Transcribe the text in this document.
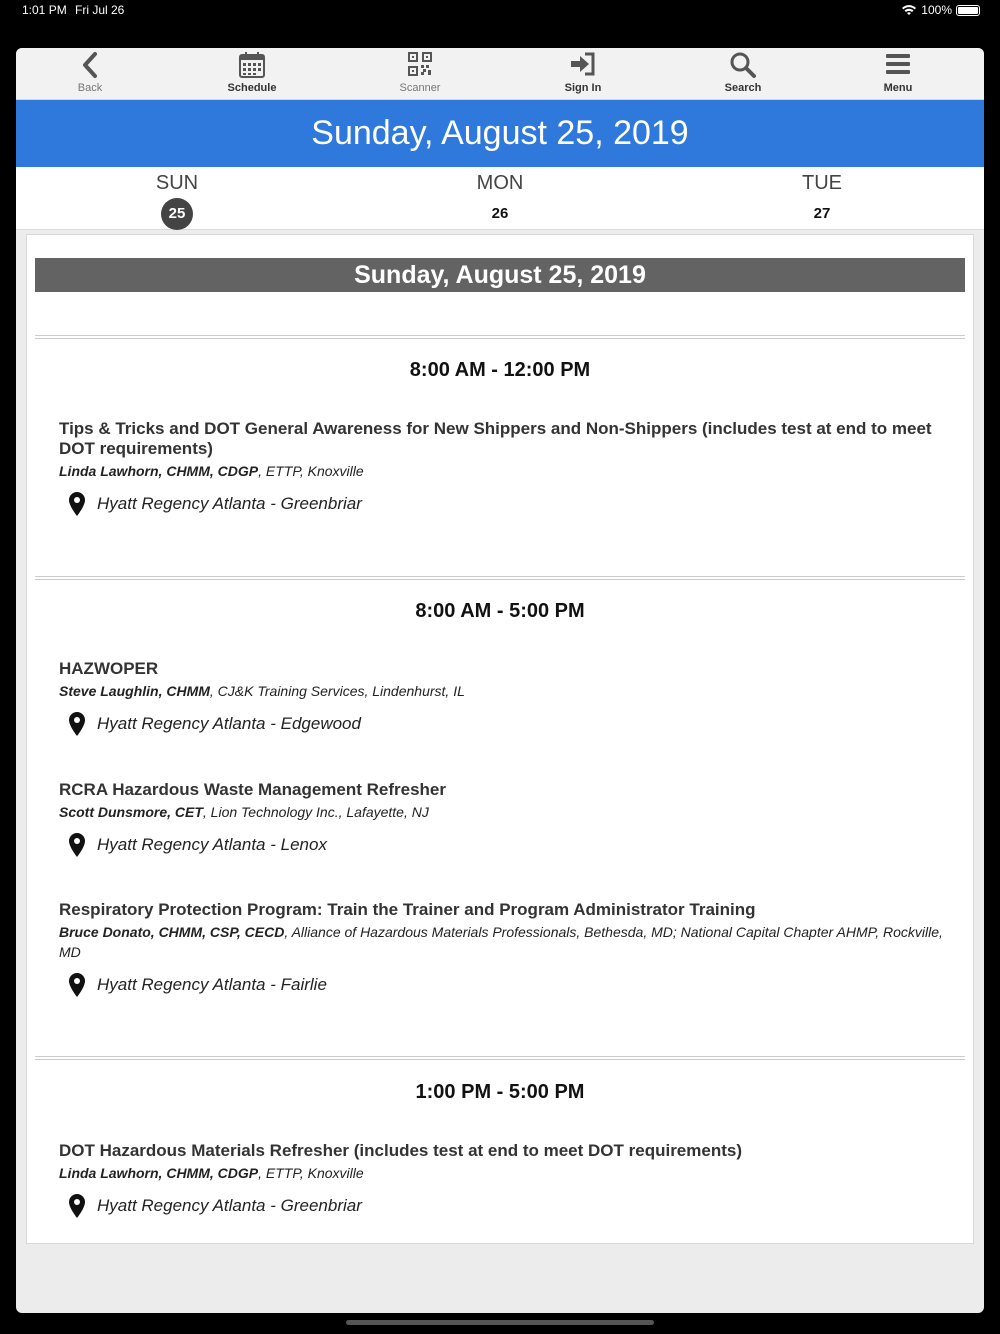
1:01 PM Fri Jul 26	100%
Back	Schedule	Scanner	Sign In	Search	Menu
Sunday, August 25, 2019
SUN
25
MON
26
TUE
27
Sunday, August 25, 2019
8:00 AM - 12:00 PM
Tips & Tricks and DOT General Awareness for New Shippers and Non-Shippers (includes test at end to meet DOT requirements)
Linda Lawhorn, CHMM, CDGP, ETTP, Knoxville
Hyatt Regency Atlanta - Greenbriar
8:00 AM - 5:00 PM
HAZWOPER
Steve Laughlin, CHMM, CJ&K Training Services, Lindenhurst, IL
Hyatt Regency Atlanta - Edgewood
RCRA Hazardous Waste Management Refresher
Scott Dunsmore, CET, Lion Technology Inc., Lafayette, NJ
Hyatt Regency Atlanta - Lenox
Respiratory Protection Program: Train the Trainer and Program Administrator Training
Bruce Donato, CHMM, CSP, CECD, Alliance of Hazardous Materials Professionals, Bethesda, MD; National Capital Chapter AHMP, Rockville, MD
Hyatt Regency Atlanta - Fairlie
1:00 PM - 5:00 PM
DOT Hazardous Materials Refresher (includes test at end to meet DOT requirements)
Linda Lawhorn, CHMM, CDGP, ETTP, Knoxville
Hyatt Regency Atlanta - Greenbriar
